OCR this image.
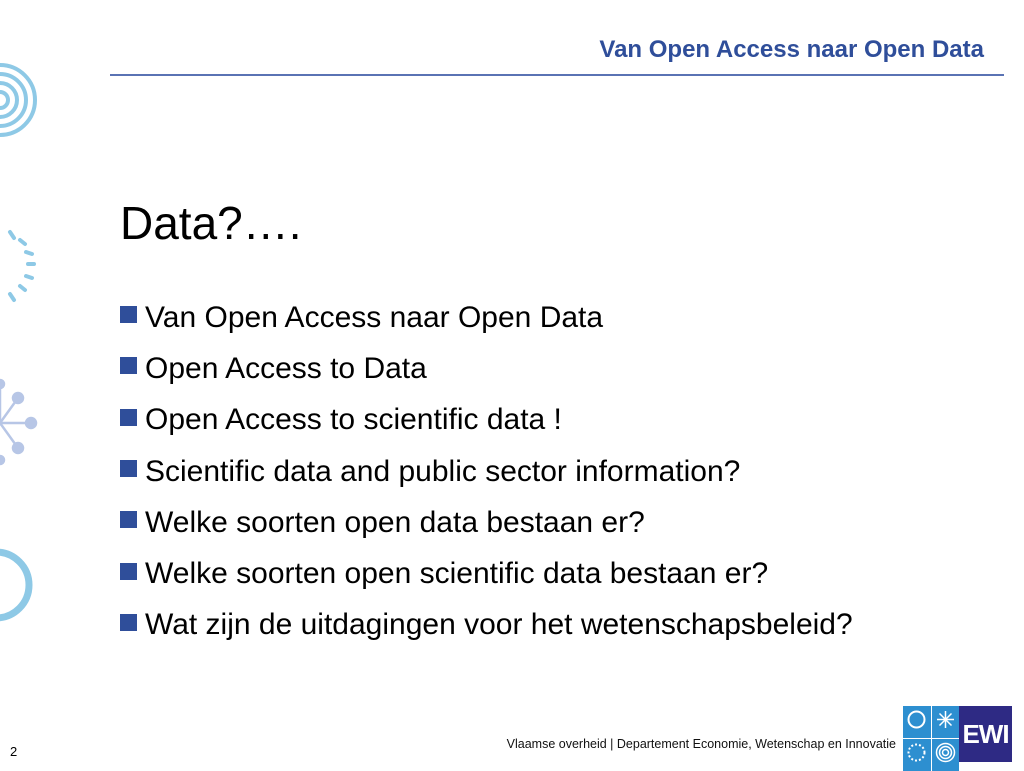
Van Open Access naar Open Data
Data?….
Van Open Access naar Open Data
Open Access to Data
Open Access to scientific data !
Scientific data and public sector information?
Welke soorten open data bestaan er?
Welke soorten open scientific data bestaan er?
Wat zijn de uitdagingen voor het wetenschapsbeleid?
2	Vlaamse overheid | Departement Economie, Wetenschap en Innovatie	EWI
